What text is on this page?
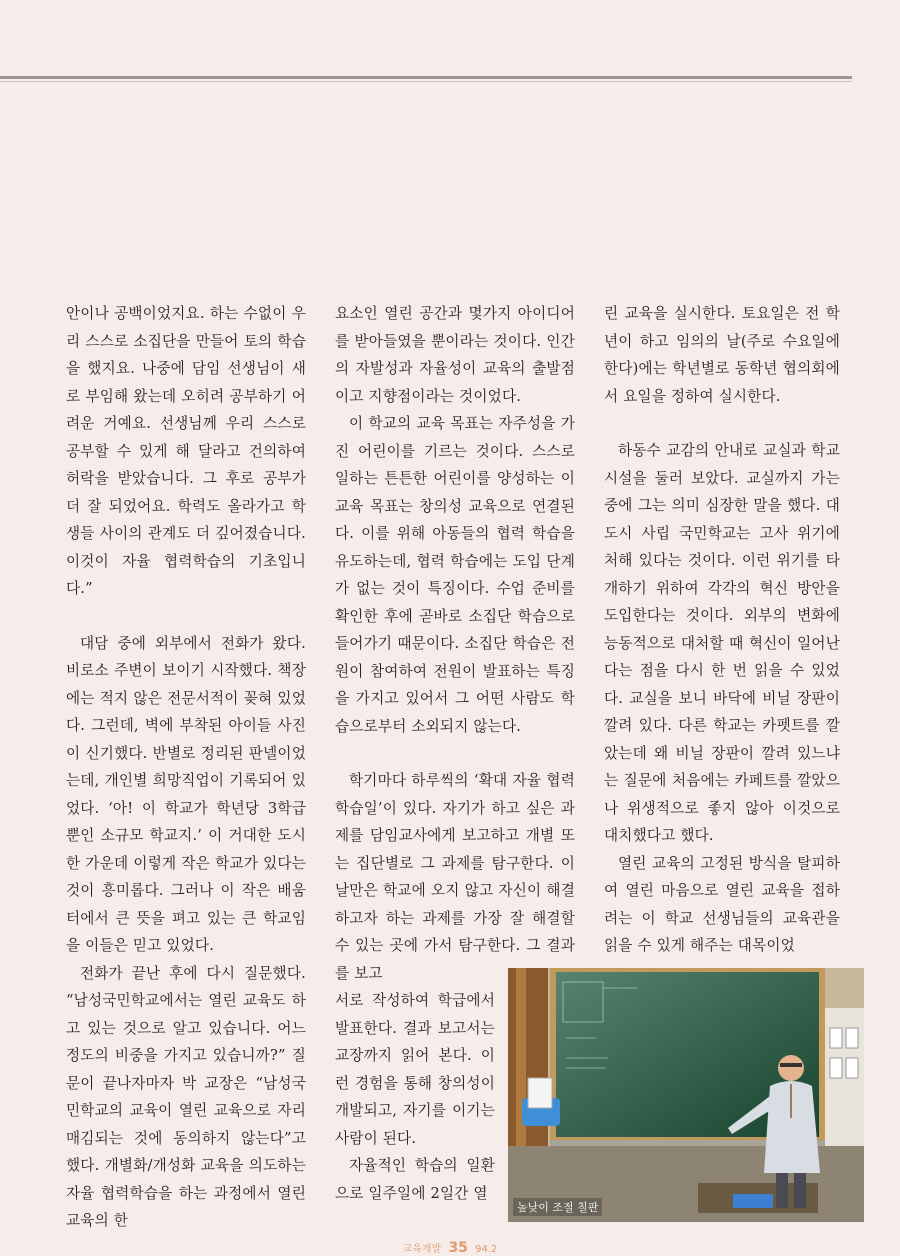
안이나 공백이었지요. 하는 수없이 우리 스스로 소집단을 만들어 토의 학습을 했지요. 나중에 담임 선생님이 새로 부임해 왔는데 오히려 공부하기 어려운 거예요. 선생님께 우리 스스로 공부할 수 있게 해 달라고 건의하여 허락을 받았습니다. 그 후로 공부가 더 잘 되었어요. 학력도 올라가고 학생들 사이의 관계도 더 깊어졌습니다. 이것이 자율 협력학습의 기초입니다.”

대담 중에 외부에서 전화가 왔다. 비로소 주변이 보이기 시작했다. 책장에는 적지 않은 전문서적이 꽂혀 있었다. 그런데, 벽에 부착된 아이들 사진이 신기했다. 반별로 정리된 판넬이었는데, 개인별 희망직업이 기록되어 있었다. ‘아! 이 학교가 학년당 3학급 뿐인 소규모 학교지.’ 이 거대한 도시 한 가운데 이렇게 작은 학교가 있다는 것이 흥미롭다. 그러나 이 작은 배움터에서 큰 뜻을 펴고 있는 큰 학교임을 이들은 믿고 있었다.

전화가 끝난 후에 다시 질문했다. “남성국민학교에서는 열린 교육도 하고 있는 것으로 알고 있습니다. 어느 정도의 비중을 가지고 있습니까?” 질문이 끝나자마자 박 교장은 “남성국민학교의 교육이 열린 교육으로 자리매김되는 것에 동의하지 않는다”고 했다. 개별화/개성화 교육을 의도하는 자율 협력학습을 하는 과정에서 열린 교육의 한

요소인 열린 공간과 몇가지 아이디어를 받아들였을 뿐이라는 것이다. 인간의 자발성과 자율성이 교육의 출발점이고 지향점이라는 것이었다.

이 학교의 교육 목표는 자주성을 가진 어린이를 기르는 것이다. 스스로 일하는 튼튼한 어린이를 양성하는 이 교육 목표는 창의성 교육으로 연결된다. 이를 위해 아동들의 협력 학습을 유도하는데, 협력 학습에는 도입 단계가 없는 것이 특징이다. 수업 준비를 확인한 후에 곧바로 소집단 학습으로 들어가기 때문이다. 소집단 학습은 전원이 참여하여 전원이 발표하는 특징을 가지고 있어서 그 어떤 사람도 학습으로부터 소외되지 않는다.

학기마다 하루씩의 ‘확대 자율 협력 학습일’이 있다. 자기가 하고 싶은 과제를 담임교사에게 보고하고 개별 또는 집단별로 그 과제를 탐구한다. 이 날만은 학교에 오지 않고 자신이 해결하고자 하는 과제를 가장 잘 해결할 수 있는 곳에 가서 탐구한다. 그 결과를 보고

서로 작성하여 학급에서 발표한다. 결과 보고서는 교장까지 읽어 본다. 이런 경험을 통해 창의성이 개발되고, 자기를 이기는 사람이 된다.

자율적인 학습의 일환으로 일주일에 2일간 열

린 교육을 실시한다. 토요일은 전 학년이 하고 임의의 날(주로 수요일에 한다)에는 학년별로 동학년 협의회에서 요일을 정하여 실시한다.

하동수 교감의 안내로 교실과 학교 시설을 둘러 보았다. 교실까지 가는 중에 그는 의미 심장한 말을 했다. 대도시 사립 국민학교는 고사 위기에 처해 있다는 것이다. 이런 위기를 타개하기 위하여 각각의 혁신 방안을 도입한다는 것이다. 외부의 변화에 능동적으로 대처할 때 혁신이 일어난다는 점을 다시 한 번 읽을 수 있었다. 교실을 보니 바닥에 비닐 장판이 깔려 있다. 다른 학교는 카펫트를 깔았는데 왜 비닐 장판이 깔려 있느냐는 질문에 처음에는 카페트를 깔았으나 위생적으로 좋지 않아 이것으로 대치했다고 했다.

열린 교육의 고정된 방식을 탈피하여 열린 마음으로 열린 교육을 접하려는 이 학교 선생님들의 교육관을 읽을 수 있게 해주는 대목이었

높낮이 조절 칠판
교육개발 35 94.2
